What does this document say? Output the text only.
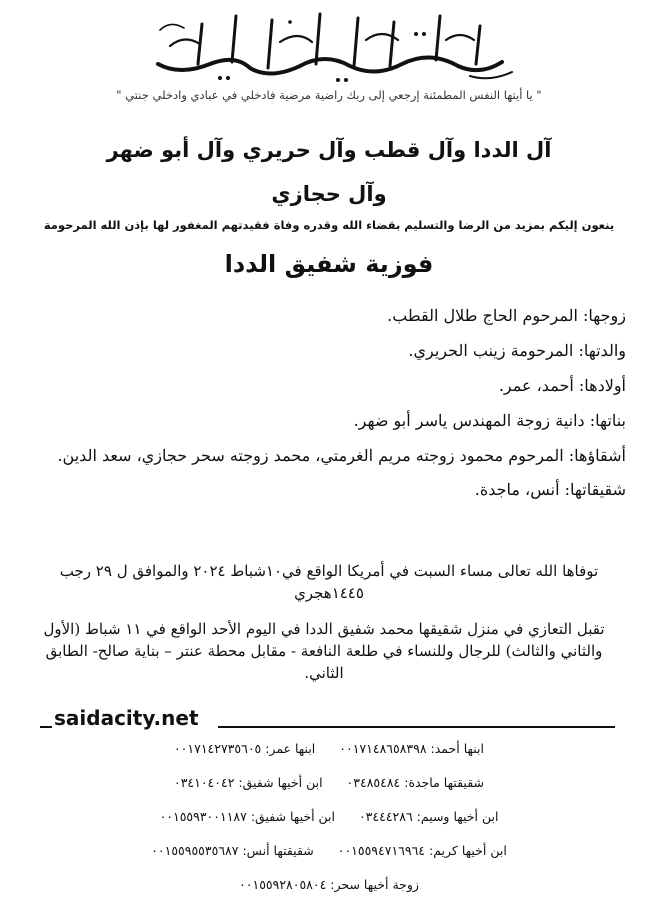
" يا أيتها النفس المطمئنة إرجعي إلى ربك راضية مرضية فادخلي في عبادي وادخلي جنتي "
آل الددا وآل قطب وآل حريري وآل أبو ضهر
وآل حجازي
ينعون إليكم بمزيد من الرضا والتسليم بقضاء الله وقدره وفاة فقيدتهم المغفور لها بإذن الله المرحومة
فوزية شفيق الددا

زوجها: المرحوم الحاج طلال القطب.

والدتها: المرحومة زينب الحريري.

أولادها: أحمد، عمر.

بناتها: دانية زوجة المهندس ياسر أبو ضهر.

أشقاؤها: المرحوم محمود زوجته مريم الغرمتي، محمد زوجته سحر حجازي، سعد الدين.

شقيقاتها: أنس، ماجدة.

توفاها الله تعالى مساء السبت في أمريكا الواقع في١٠شباط ٢٠٢٤ والموافق ل ٢٩ رجب ١٤٤٥هجري
تقبل التعازي في منزل شقيقها محمد شفيق الددا في اليوم الأحد الواقع في ١١ شباط (الأول والثاني والثالث) للرجال وللنساء في طلعة النافعة - مقابل محطة عنتر – بناية صالح- الطابق الثاني.
saidacity.net
ابنها أحمد: ٠٠١٧١٤٨٦٥٨٣٩٨ ابنها عمر: ٠٠١٧١٤٢٧٣٥٦٠٥
شقيقتها ماجدة: ٠٣٤٨٥٤٨٤ ابن أخيها شفيق: ٠٣٤١٠٤٠٤٢
ابن أخيها وسيم: ٠٣٤٤٤٢٨٦ ابن أخيها شفيق: ٠٠١٥٥٩٣٠٠١١٨٧
ابن أخيها كريم: ٠٠١٥٥٩٤٧١٦٩٦٤ شقيقتها أنس: ٠٠١٥٥٩٥٥٣٥٦٨٧
زوجة أخيها سحر: ٠٠١٥٥٩٢٨٠٥٨٠٤
